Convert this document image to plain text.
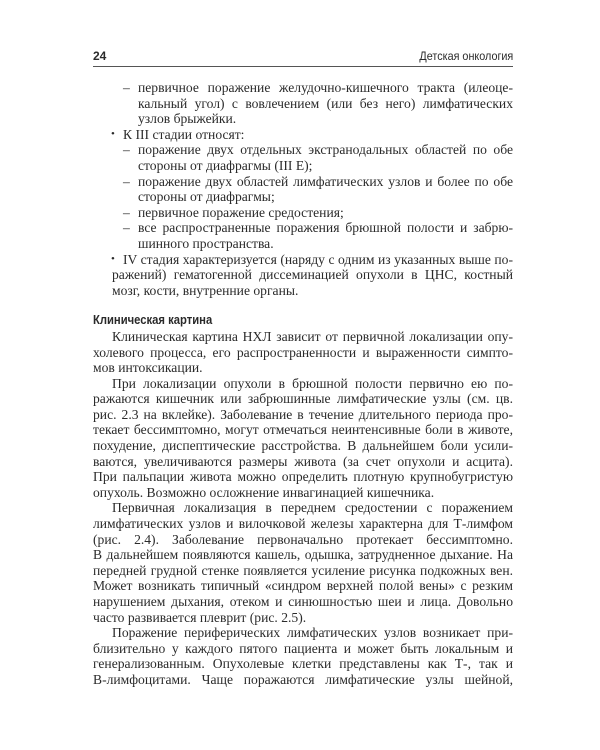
24	Детская онкология
– первичное поражение желудочно-кишечного тракта (илеоце-
кальный угол) с вовлечением (или без него) лимфатических
узлов брыжейки.
• К III стадии относят:
– поражение двух отдельных экстранодальных областей по обе
стороны от диафрагмы (III Е);
– поражение двух областей лимфатических узлов и более по обе
стороны от диафрагмы;
– первичное поражение средостения;
– все распространенные поражения брюшной полости и забрю-
шинного пространства.
• IV стадия характеризуется (наряду с одним из указанных выше по-
ражений) гематогенной диссеминацией опухоли в ЦНС, костный
мозг, кости, внутренние органы.
Клиническая картина
Клиническая картина НХЛ зависит от первичной локализации опу-
холевого процесса, его распространенности и выраженности симпто-
мов интоксикации.
При локализации опухоли в брюшной полости первично ею по-
ражаются кишечник или забрюшинные лимфатические узлы (см. цв.
рис. 2.3 на вклейке). Заболевание в течение длительного периода про-
текает бессимптомно, могут отмечаться неинтенсивные боли в животе,
похудение, диспептические расстройства. В дальнейшем боли усили-
ваются, увеличиваются размеры живота (за счет опухоли и асцита).
При пальпации живота можно определить плотную крупнобугристую
опухоль. Возможно осложнение инвагинацией кишечника.
Первичная локализация в переднем средостении с поражением
лимфатических узлов и вилочковой железы характерна для Т-лимфом
(рис. 2.4). Заболевание первоначально протекает бессимптомно.
В дальнейшем появляются кашель, одышка, затрудненное дыхание. На
передней грудной стенке появляется усиление рисунка подкожных вен.
Может возникать типичный «синдром верхней полой вены» с резким
нарушением дыхания, отеком и синюшностью шеи и лица. Довольно
часто развивается плеврит (рис. 2.5).
Поражение периферических лимфатических узлов возникает при-
близительно у каждого пятого пациента и может быть локальным и
генерализованным. Опухолевые клетки представлены как Т-, так и
В-лимфоцитами. Чаще поражаются лимфатические узлы шейной,
